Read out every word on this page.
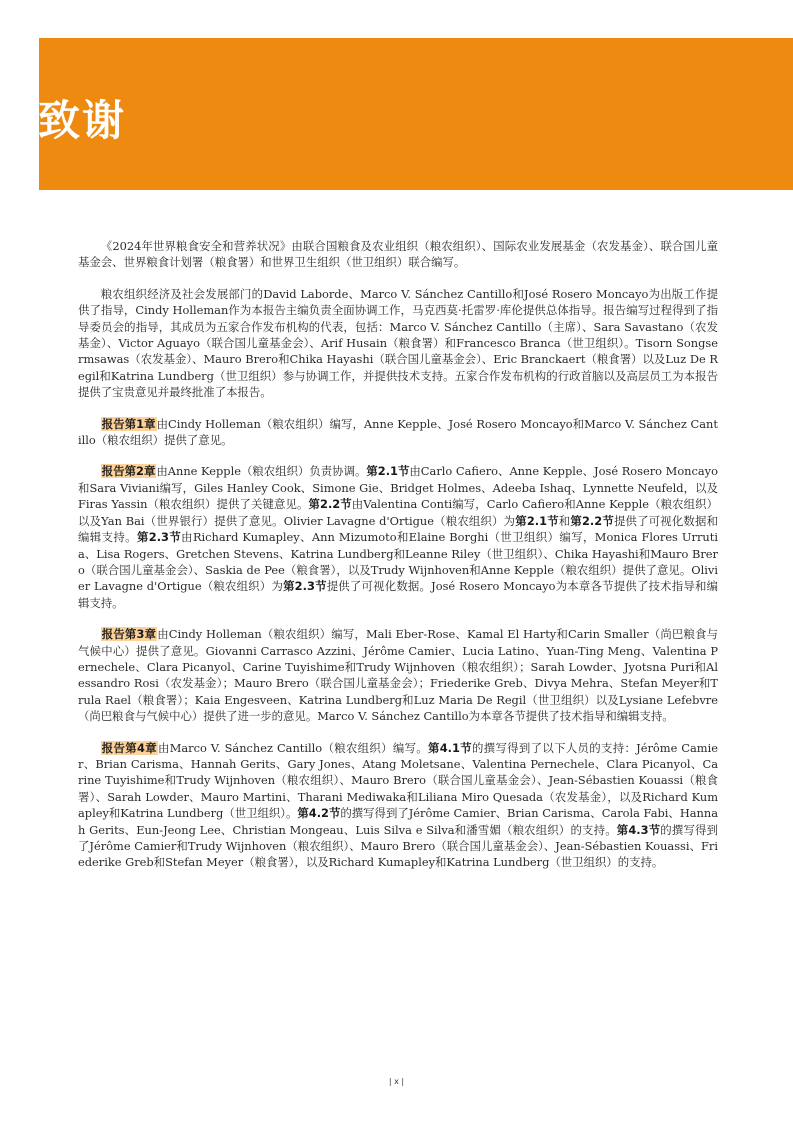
致谢

《2024年世界粮食安全和营养状况》由联合国粮食及农业组织（粮农组织）、国际农业发展基金（农发基金）、联合国儿童基金会、世界粮食计划署（粮食署）和世界卫生组织（世卫组织）联合编写。

粮农组织经济及社会发展部门的David Laborde、Marco V. Sánchez Cantillo和José Rosero Moncayo为出版工作提供了指导，Cindy Holleman作为本报告主编负责全面协调工作，马克西莫·托雷罗·库伦提供总体指导。报告编写过程得到了指导委员会的指导，其成员为五家合作发布机构的代表，包括：Marco V. Sánchez Cantillo（主席）、Sara Savastano（农发基金）、Victor Aguayo（联合国儿童基金会）、Arif Husain（粮食署）和Francesco Branca（世卫组织）。Tisorn Songsermsawas（农发基金）、Mauro Brero和Chika Hayashi（联合国儿童基金会）、Eric Branckaert（粮食署）以及Luz De Regil和Katrina Lundberg（世卫组织）参与协调工作，并提供技术支持。五家合作发布机构的行政首脑以及高层员工为本报告提供了宝贵意见并最终批准了本报告。

报告第1章由Cindy Holleman（粮农组织）编写，Anne Kepple、José Rosero Moncayo和Marco V. Sánchez Cantillo（粮农组织）提供了意见。

报告第2章由Anne Kepple（粮农组织）负责协调。第2.1节由Carlo Cafiero、Anne Kepple、José Rosero Moncayo和Sara Viviani编写，Giles Hanley Cook、Simone Gie、Bridget Holmes、Adeeba Ishaq、Lynnette Neufeld，以及Firas Yassin（粮农组织）提供了关键意见。第2.2节由Valentina Conti编写，Carlo Cafiero和Anne Kepple（粮农组织）以及Yan Bai（世界银行）提供了意见。Olivier Lavagne d'Ortigue（粮农组织）为第2.1节和第2.2节提供了可视化数据和编辑支持。第2.3节由Richard Kumapley、Ann Mizumoto和Elaine Borghi（世卫组织）编写，Monica Flores Urrutia、Lisa Rogers、Gretchen Stevens、Katrina Lundberg和Leanne Riley（世卫组织）、Chika Hayashi和Mauro Brero（联合国儿童基金会）、Saskia de Pee（粮食署），以及Trudy Wijnhoven和Anne Kepple（粮农组织）提供了意见。Olivier Lavagne d'Ortigue（粮农组织）为第2.3节提供了可视化数据。José Rosero Moncayo为本章各节提供了技术指导和编辑支持。

报告第3章由Cindy Holleman（粮农组织）编写，Mali Eber-Rose、Kamal El Harty和Carin Smaller（尚巴粮食与气候中心）提供了意见。Giovanni Carrasco Azzini、Jérôme Camier、Lucia Latino、Yuan-Ting Meng、Valentina Pernechele、Clara Picanyol、Carine Tuyishime和Trudy Wijnhoven（粮农组织）；Sarah Lowder、Jyotsna Puri和Alessandro Rosi（农发基金）；Mauro Brero（联合国儿童基金会）；Friederike Greb、Divya Mehra、Stefan Meyer和Trula Rael（粮食署）；Kaia Engesveen、Katrina Lundberg和Luz Maria De Regil（世卫组织）以及Lysiane Lefebvre（尚巴粮食与气候中心）提供了进一步的意见。Marco V. Sánchez Cantillo为本章各节提供了技术指导和编辑支持。

报告第4章由Marco V. Sánchez Cantillo（粮农组织）编写。第4.1节的撰写得到了以下人员的支持：Jérôme Camier、Brian Carisma、Hannah Gerits、Gary Jones、Atang Moletsane、Valentina Pernechele、Clara Picanyol、Carine Tuyishime和Trudy Wijnhoven（粮农组织）、Mauro Brero（联合国儿童基金会）、Jean-Sébastien Kouassi（粮食署）、Sarah Lowder、Mauro Martini、Tharani Mediwaka和Liliana Miro Quesada（农发基金），以及Richard Kumapley和Katrina Lundberg（世卫组织）。第4.2节的撰写得到了Jérôme Camier、Brian Carisma、Carola Fabi、Hannah Gerits、Eun-Jeong Lee、Christian Mongeau、Luis Silva e Silva和潘雪媚（粮农组织）的支持。第4.3节的撰写得到了Jérôme Camier和Trudy Wijnhoven（粮农组织）、Mauro Brero（联合国儿童基金会）、Jean-Sébastien Kouassi、Friederike Greb和Stefan Meyer（粮食署），以及Richard Kumapley和Katrina Lundberg（世卫组织）的支持。

| x |
